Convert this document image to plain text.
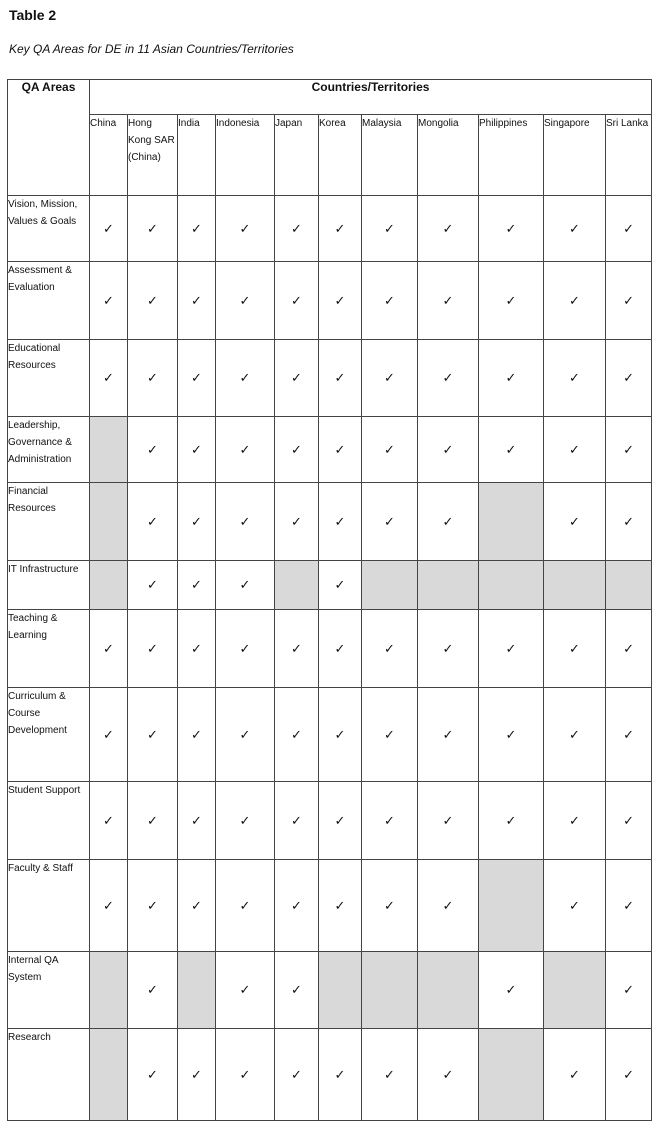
Table 2
Key QA Areas for DE in 11 Asian Countries/Territories
QA Areas	Countries/Territories										
	China	Hong Kong SAR (China)	India	Indonesia	Japan	Korea	Malaysia	Mongolia	Philippines	Singapore	Sri Lanka
Vision, Mission, Values & Goals	✓	✓	✓	✓	✓	✓	✓	✓	✓	✓	✓
Assessment & Evaluation	✓	✓	✓	✓	✓	✓	✓	✓	✓	✓	✓
Educational Resources	✓	✓	✓	✓	✓	✓	✓	✓	✓	✓	✓
Leadership, Governance & Administration		✓	✓	✓	✓	✓	✓	✓	✓	✓	✓
Financial Resources		✓	✓	✓	✓	✓	✓	✓		✓	✓
IT Infrastructure		✓	✓	✓		✓					
Teaching & Learning	✓	✓	✓	✓	✓	✓	✓	✓	✓	✓	✓
Curriculum & Course Development	✓	✓	✓	✓	✓	✓	✓	✓	✓	✓	✓
Student Support	✓	✓	✓	✓	✓	✓	✓	✓	✓	✓	✓
Faculty & Staff	✓	✓	✓	✓	✓	✓	✓	✓		✓	✓
Internal QA System		✓		✓	✓				✓		✓
Research		✓	✓	✓	✓	✓	✓	✓		✓	✓
